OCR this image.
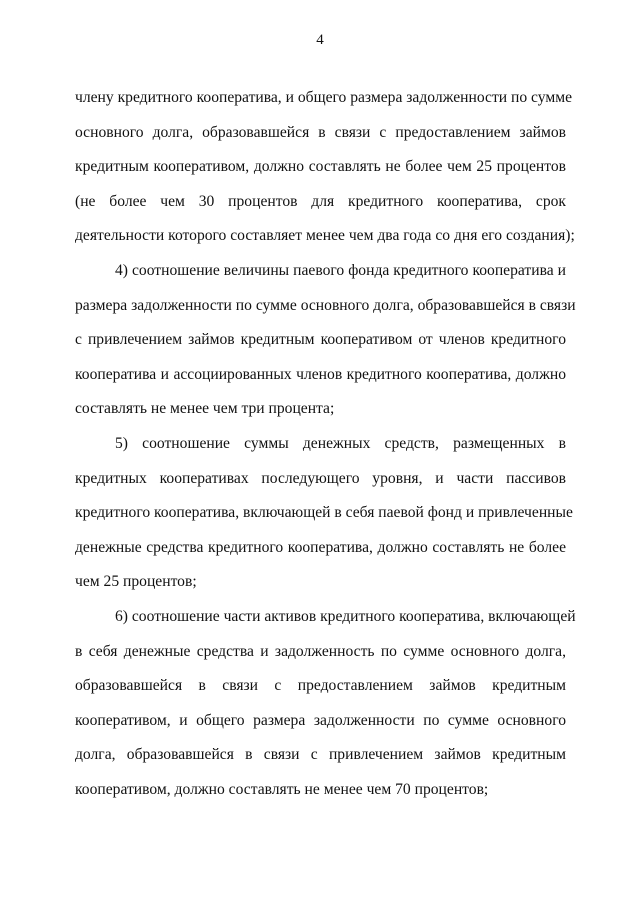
4
члену кредитного кооператива, и общего размера задолженности по сумме
основного долга, образовавшейся в связи с предоставлением займов
кредитным кооперативом, должно составлять не более чем 25 процентов
(не более чем 30 процентов для кредитного кооператива, срок
деятельности которого составляет менее чем два года со дня его создания);
4) соотношение величины паевого фонда кредитного кооператива и
размера задолженности по сумме основного долга, образовавшейся в связи
с привлечением займов кредитным кооперативом от членов кредитного
кооператива и ассоциированных членов кредитного кооператива, должно
составлять не менее чем три процента;
5) соотношение суммы денежных средств, размещенных в
кредитных кооперативах последующего уровня, и части пассивов
кредитного кооператива, включающей в себя паевой фонд и привлеченные
денежные средства кредитного кооператива, должно составлять не более
чем 25 процентов;
6) соотношение части активов кредитного кооператива, включающей
в себя денежные средства и задолженность по сумме основного долга,
образовавшейся в связи с предоставлением займов кредитным
кооперативом, и общего размера задолженности по сумме основного
долга, образовавшейся в связи с привлечением займов кредитным
кооперативом, должно составлять не менее чем 70 процентов;
